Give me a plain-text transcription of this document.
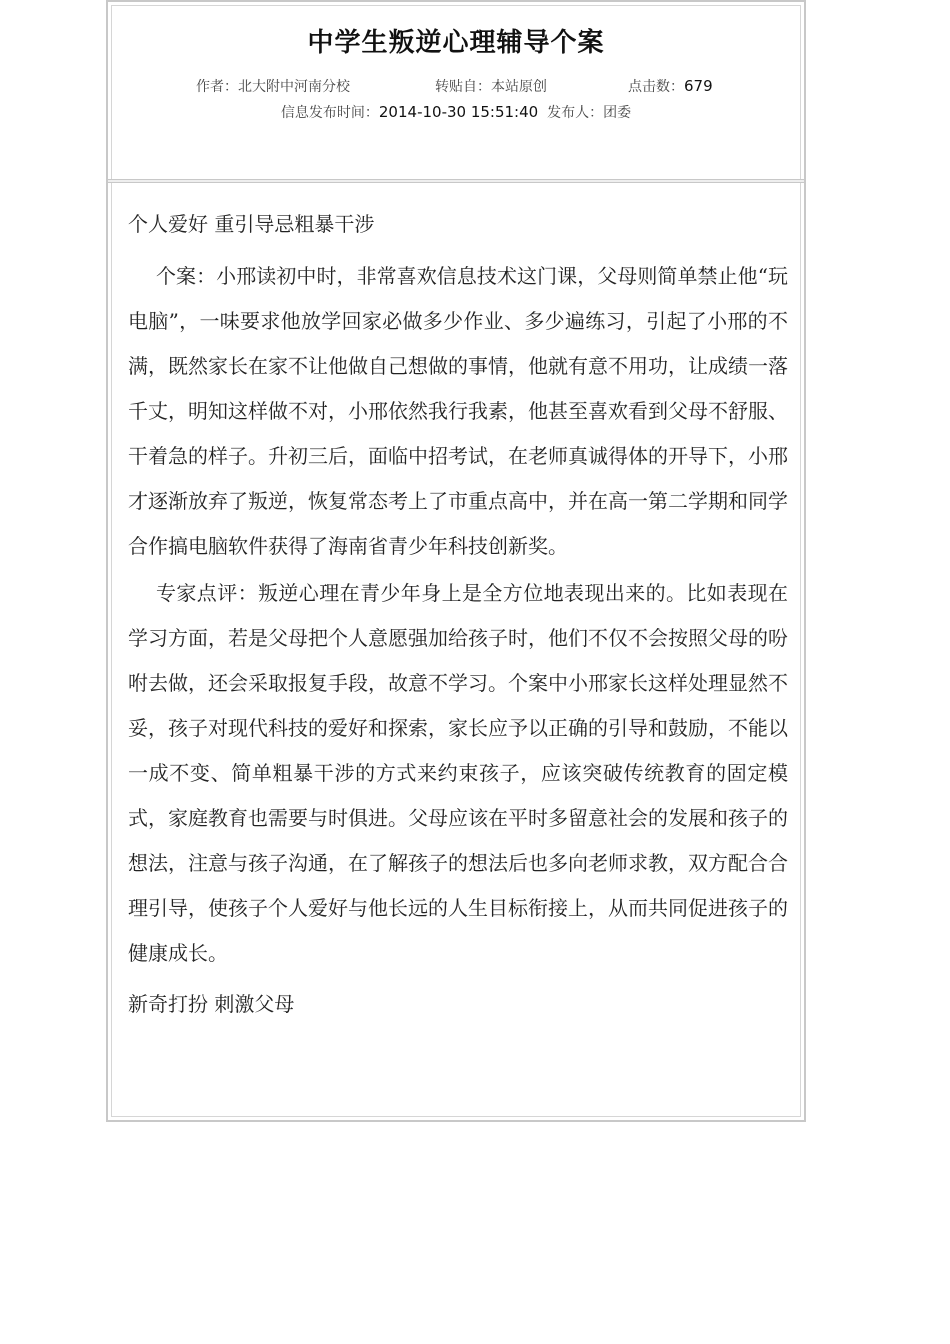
中学生叛逆心理辅导个案
作者：北大附中河南分校	转贴自：本站原创	点击数：679
信息发布时间：2014-10-30 15:51:40 发布人：团委

个人爱好 重引导忌粗暴干涉

个案：小邢读初中时，非常喜欢信息技术这门课，父母则简单禁止他“玩电脑”，一味要求他放学回家必做多少作业、多少遍练习，引起了小邢的不满，既然家长在家不让他做自己想做的事情，他就有意不用功，让成绩一落千丈，明知这样做不对，小邢依然我行我素，他甚至喜欢看到父母不舒服、干着急的样子。升初三后，面临中招考试，在老师真诚得体的开导下，小邢才逐渐放弃了叛逆，恢复常态考上了市重点高中，并在高一第二学期和同学合作搞电脑软件获得了海南省青少年科技创新奖。

专家点评：叛逆心理在青少年身上是全方位地表现出来的。比如表现在学习方面，若是父母把个人意愿强加给孩子时，他们不仅不会按照父母的吩咐去做，还会采取报复手段，故意不学习。个案中小邢家长这样处理显然不妥，孩子对现代科技的爱好和探索，家长应予以正确的引导和鼓励，不能以一成不变、简单粗暴干涉的方式来约束孩子，应该突破传统教育的固定模式，家庭教育也需要与时俱进。父母应该在平时多留意社会的发展和孩子的想法，注意与孩子沟通，在了解孩子的想法后也多向老师求教，双方配合合理引导，使孩子个人爱好与他长远的人生目标衔接上，从而共同促进孩子的健康成长。

新奇打扮 刺激父母
